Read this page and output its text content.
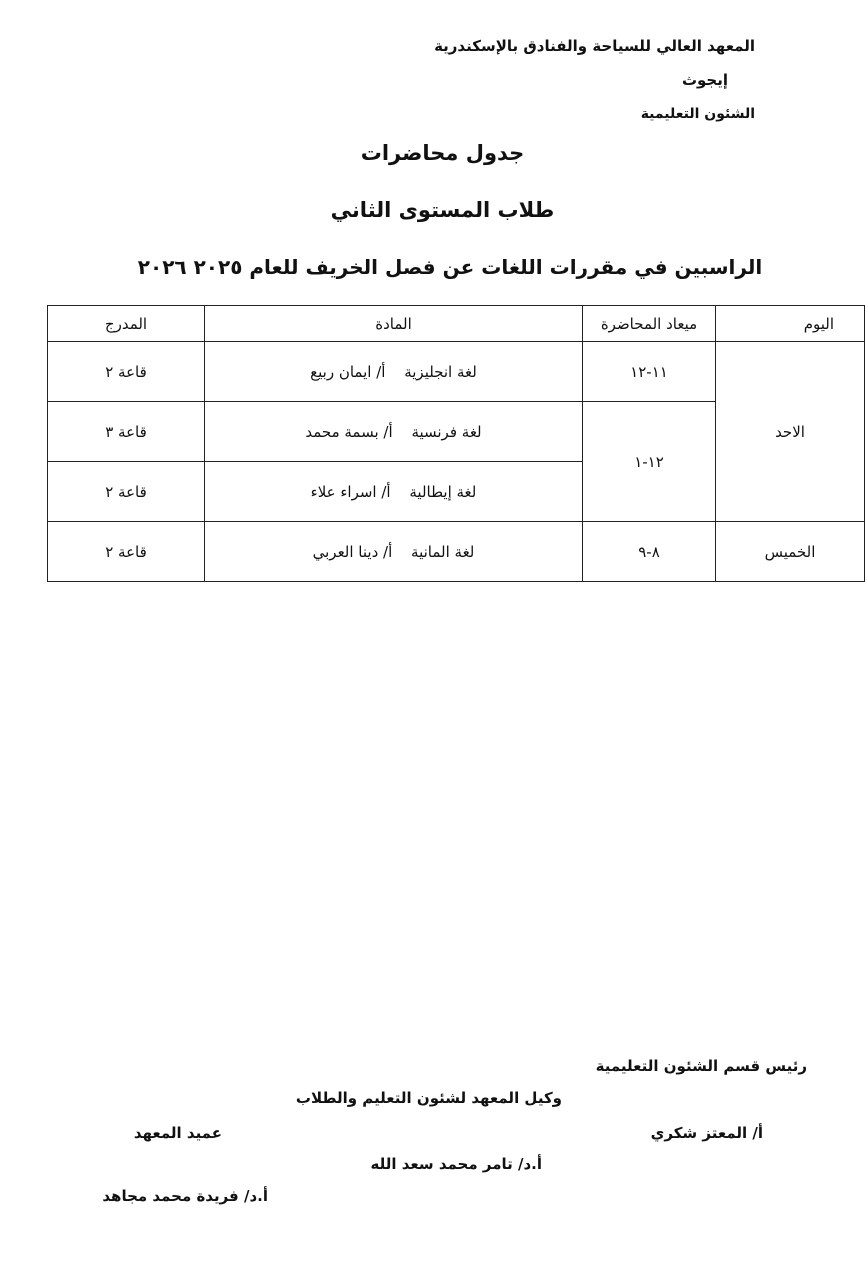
المعهد العالي للسياحة والفنادق بالإسكندرية
إيجوث
الشئون التعليمية
جدول محاضرات
طلاب المستوى الثاني
الراسبين في مقررات اللغات عن فصل الخريف للعام ٢٠٢٥ ٢٠٢٦
اليوم	ميعاد المحاضرة	المادة	المدرج
الاحد	١١-١٢	لغة انجليزية أ/ ايمان ربيع	قاعة ٢
	١٢-١	لغة فرنسية أ/ بسمة محمد	قاعة ٣
		لغة إيطالية أ/ اسراء علاء	قاعة ٢
الخميس	٨-٩	لغة المانية أ/ دينا العربي	قاعة ٢
رئيس قسم الشئون التعليمية
وكيل المعهد لشئون التعليم والطلاب
أ/ المعتز شكري
عميد المعهد
أ.د/ تامر محمد سعد الله
أ.د/ فريدة محمد مجاهد
